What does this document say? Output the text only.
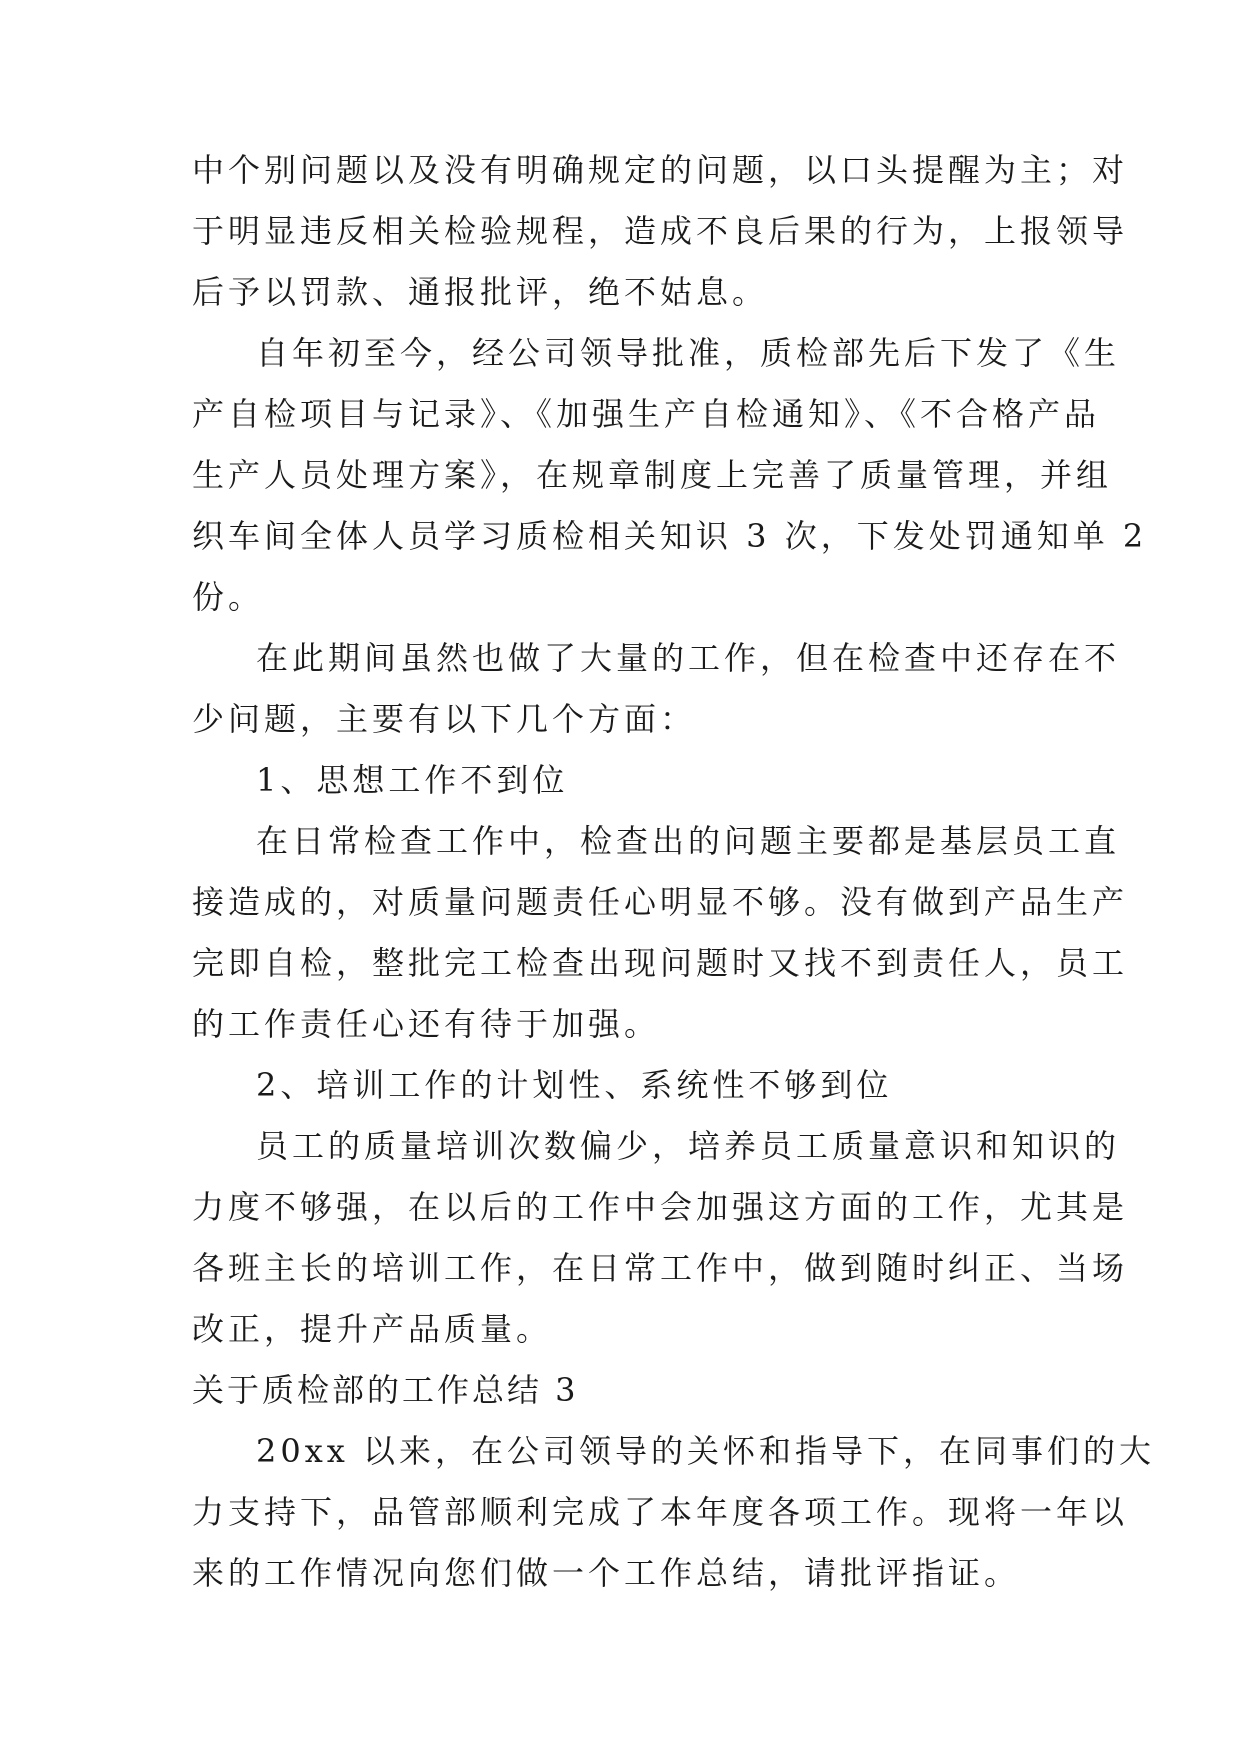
中个别问题以及没有明确规定的问题，以口头提醒为主；对
于明显违反相关检验规程，造成不良后果的行为，上报领导
后予以罚款、通报批评，绝不姑息。
自年初至今，经公司领导批准，质检部先后下发了《生
产自检项目与记录》、《加强生产自检通知》、《不合格产品
生产人员处理方案》，在规章制度上完善了质量管理，并组
织车间全体人员学习质检相关知识 3 次，下发处罚通知单 2
份。
在此期间虽然也做了大量的工作，但在检查中还存在不
少问题，主要有以下几个方面：
1、思想工作不到位
在日常检查工作中，检查出的问题主要都是基层员工直
接造成的，对质量问题责任心明显不够。没有做到产品生产
完即自检，整批完工检查出现问题时又找不到责任人，员工
的工作责任心还有待于加强。
2、培训工作的计划性、系统性不够到位
员工的质量培训次数偏少，培养员工质量意识和知识的
力度不够强，在以后的工作中会加强这方面的工作，尤其是
各班主长的培训工作，在日常工作中，做到随时纠正、当场
改正，提升产品质量。
关于质检部的工作总结 3
20xx 以来，在公司领导的关怀和指导下，在同事们的大
力支持下，品管部顺利完成了本年度各项工作。现将一年以
来的工作情况向您们做一个工作总结，请批评指证。
